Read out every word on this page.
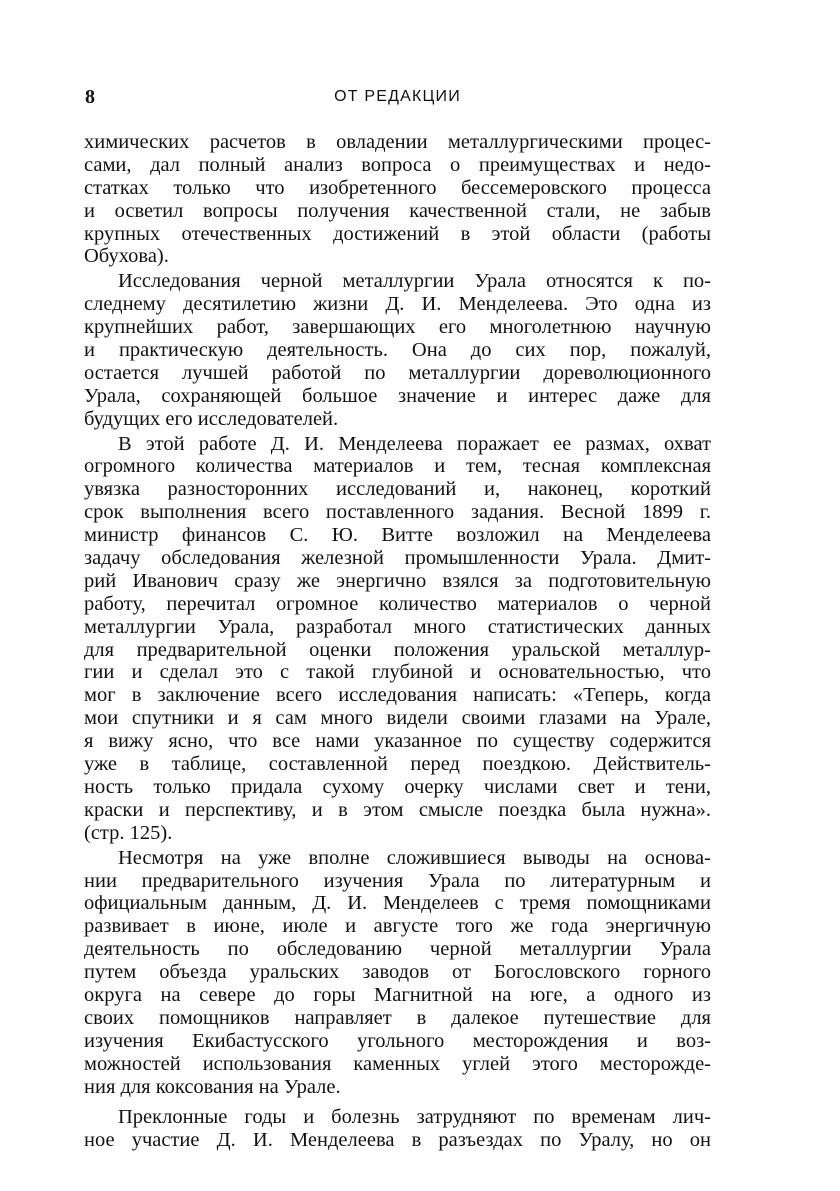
8	ОТ РЕДАКЦИИ
химических расчетов в овладении металлургическими процес-
сами, дал полный анализ вопроса о преимуществах и недо-
статках только что изобретенного бессемеровского процесса
и осветил вопросы получения качественной стали, не забыв
крупных отечественных достижений в этой области (работы
Обухова).
Исследования черной металлургии Урала относятся к по-
следнему десятилетию жизни Д. И. Менделеева. Это одна из
крупнейших работ, завершающих его многолетнюю научную
и практическую деятельность. Она до сих пор, пожалуй,
остается лучшей работой по металлургии дореволюционного
Урала, сохраняющей большое значение и интерес даже для
будущих его исследователей.
В этой работе Д. И. Менделеева поражает ее размах, охват
огромного количества материалов и тем, тесная комплексная
увязка разносторонних исследований и, наконец, короткий
срок выполнения всего поставленного задания. Весной 1899 г.
министр финансов С. Ю. Витте возложил на Менделеева
задачу обследования железной промышленности Урала. Дмит-
рий Иванович сразу же энергично взялся за подготовительную
работу, перечитал огромное количество материалов о черной
металлургии Урала, разработал много статистических данных
для предварительной оценки положения уральской металлур-
гии и сделал это с такой глубиной и основательностью, что
мог в заключение всего исследования написать: «Теперь, когда
мои спутники и я сам много видели своими глазами на Урале,
я вижу ясно, что все нами указанное по существу содержится
уже в таблице, составленной перед поездкою. Действитель-
ность только придала сухому очерку числами свет и тени,
краски и перспективу, и в этом смысле поездка была нужна».
(стр. 125).
Несмотря на уже вполне сложившиеся выводы на основа-
нии предварительного изучения Урала по литературным и
официальным данным, Д. И. Менделеев с тремя помощниками
развивает в июне, июле и августе того же года энергичную
деятельность по обследованию черной металлургии Урала
путем объезда уральских заводов от Богословского горного
округа на севере до горы Магнитной на юге, а одного из
своих помощников направляет в далекое путешествие для
изучения Екибастусского угольного месторождения и воз-
можностей использования каменных углей этого месторожде-
ния для коксования на Урале.
Преклонные годы и болезнь затрудняют по временам лич-
ное участие Д. И. Менделеева в разъездах по Уралу, но он
